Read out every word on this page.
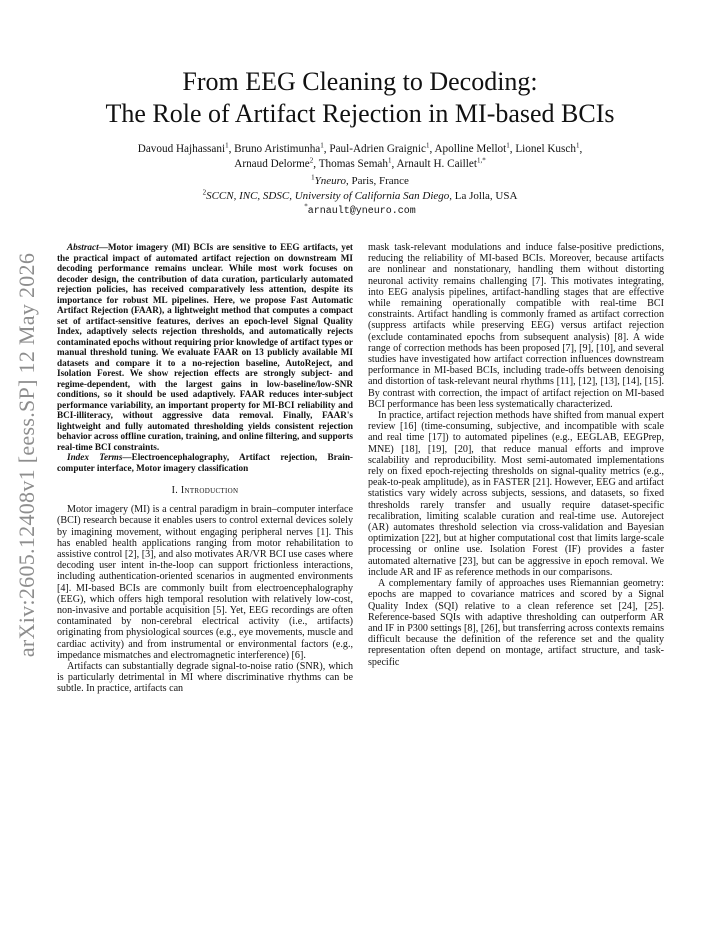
arXiv:2605.12408v1 [eess.SP] 12 May 2026
From EEG Cleaning to Decoding:
The Role of Artifact Rejection in MI-based BCIs
Davoud Hajhassani$^1$, Bruno Aristimunha$^1$, Paul-Adrien Graignic$^1$, Apolline Mellot$^1$, Lionel Kusch$^1$,
Arnaud Delorme$^2$, Thomas Semah$^1$, Arnault H. Caillet$^{1,*}$
$^1$Yneuro, Paris, France
$^2$SCCN, INC, SDSC, University of California San Diego, La Jolla, USA
*arnault@yneuro.com

Abstract—Motor imagery (MI) BCIs are sensitive to EEG artifacts, yet the practical impact of automated artifact rejection on downstream MI decoding performance remains unclear. While most work focuses on decoder design, the contribution of data curation, particularly automated rejection policies, has received comparatively less attention, despite its importance for robust ML pipelines. Here, we propose Fast Automatic Artifact Rejection (FAAR), a lightweight method that computes a compact set of artifact-sensitive features, derives an epoch-level Signal Quality Index, adaptively selects rejection thresholds, and automatically rejects contaminated epochs without requiring prior knowledge of artifact types or manual threshold tuning. We evaluate FAAR on 13 publicly available MI datasets and compare it to a no-rejection baseline, AutoReject, and Isolation Forest. We show rejection effects are strongly subject- and regime-dependent, with the largest gains in low-baseline/low-SNR conditions, so it should be used adaptively. FAAR reduces inter-subject performance variability, an important property for MI-BCI reliability and BCI-illiteracy, without aggressive data removal. Finally, FAAR's lightweight and fully automated thresholding yields consistent rejection behavior across offline curation, training, and online filtering, and supports real-time BCI constraints.

Index Terms—Electroencephalography, Artifact rejection, Brain-computer interface, Motor imagery classification

I. Introduction

Motor imagery (MI) is a central paradigm in brain–computer interface (BCI) research because it enables users to control external devices solely by imagining movement, without engaging peripheral nerves [1]. This has enabled health applications ranging from motor rehabilitation to assistive control [2], [3], and also motivates AR/VR BCI use cases where decoding user intent in-the-loop can support frictionless interactions, including authentication-oriented scenarios in augmented environments [4]. MI-based BCIs are commonly built from electroencephalography (EEG), which offers high temporal resolution with relatively low-cost, non-invasive and portable acquisition [5]. Yet, EEG recordings are often contaminated by non-cerebral electrical activity (i.e., artifacts) originating from physiological sources (e.g., eye movements, muscle and cardiac activity) and from instrumental or environmental factors (e.g., impedance mismatches and electromagnetic interference) [6].

Artifacts can substantially degrade signal-to-noise ratio (SNR), which is particularly detrimental in MI where discriminative rhythms can be subtle. In practice, artifacts can

mask task-relevant modulations and induce false-positive predictions, reducing the reliability of MI-based BCIs. Moreover, because artifacts are nonlinear and nonstationary, handling them without distorting neuronal activity remains challenging [7]. This motivates integrating, into EEG analysis pipelines, artifact-handling stages that are effective while remaining operationally compatible with real-time BCI constraints. Artifact handling is commonly framed as artifact correction (suppress artifacts while preserving EEG) versus artifact rejection (exclude contaminated epochs from subsequent analysis) [8]. A wide range of correction methods has been proposed [7], [9], [10], and several studies have investigated how artifact correction influences downstream performance in MI-based BCIs, including trade-offs between denoising and distortion of task-relevant neural rhythms [11], [12], [13], [14], [15]. By contrast with correction, the impact of artifact rejection on MI-based BCI performance has been less systematically characterized.

In practice, artifact rejection methods have shifted from manual expert review [16] (time-consuming, subjective, and incompatible with scale and real time [17]) to automated pipelines (e.g., EEGLAB, EEGPrep, MNE) [18], [19], [20], that reduce manual efforts and improve scalability and reproducibility. Most semi-automated implementations rely on fixed epoch-rejecting thresholds on signal-quality metrics (e.g., peak-to-peak amplitude), as in FASTER [21]. However, EEG and artifact statistics vary widely across subjects, sessions, and datasets, so fixed thresholds rarely transfer and usually require dataset-specific recalibration, limiting scalable curation and real-time use. Autoreject (AR) automates threshold selection via cross-validation and Bayesian optimization [22], but at higher computational cost that limits large-scale processing or online use. Isolation Forest (IF) provides a faster automated alternative [23], but can be aggressive in epoch removal. We include AR and IF as reference methods in our comparisons.

A complementary family of approaches uses Riemannian geometry: epochs are mapped to covariance matrices and scored by a Signal Quality Index (SQI) relative to a clean reference set [24], [25]. Reference-based SQIs with adaptive thresholding can outperform AR and IF in P300 settings [8], [26], but transferring across contexts remains difficult because the definition of the reference set and the quality representation often depend on montage, artifact structure, and task-specific
